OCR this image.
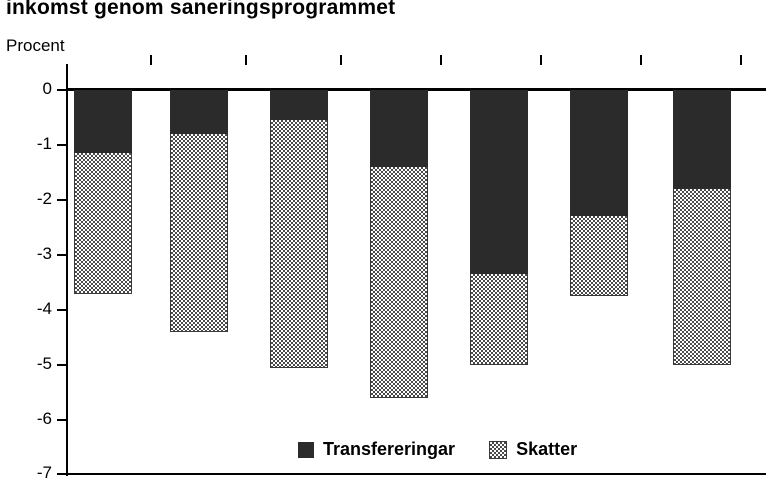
inkomst genom saneringsprogrammet
Procent
0
-1
-2
-3
-4
-5
-6
-7
Transfereringar	Skatter
